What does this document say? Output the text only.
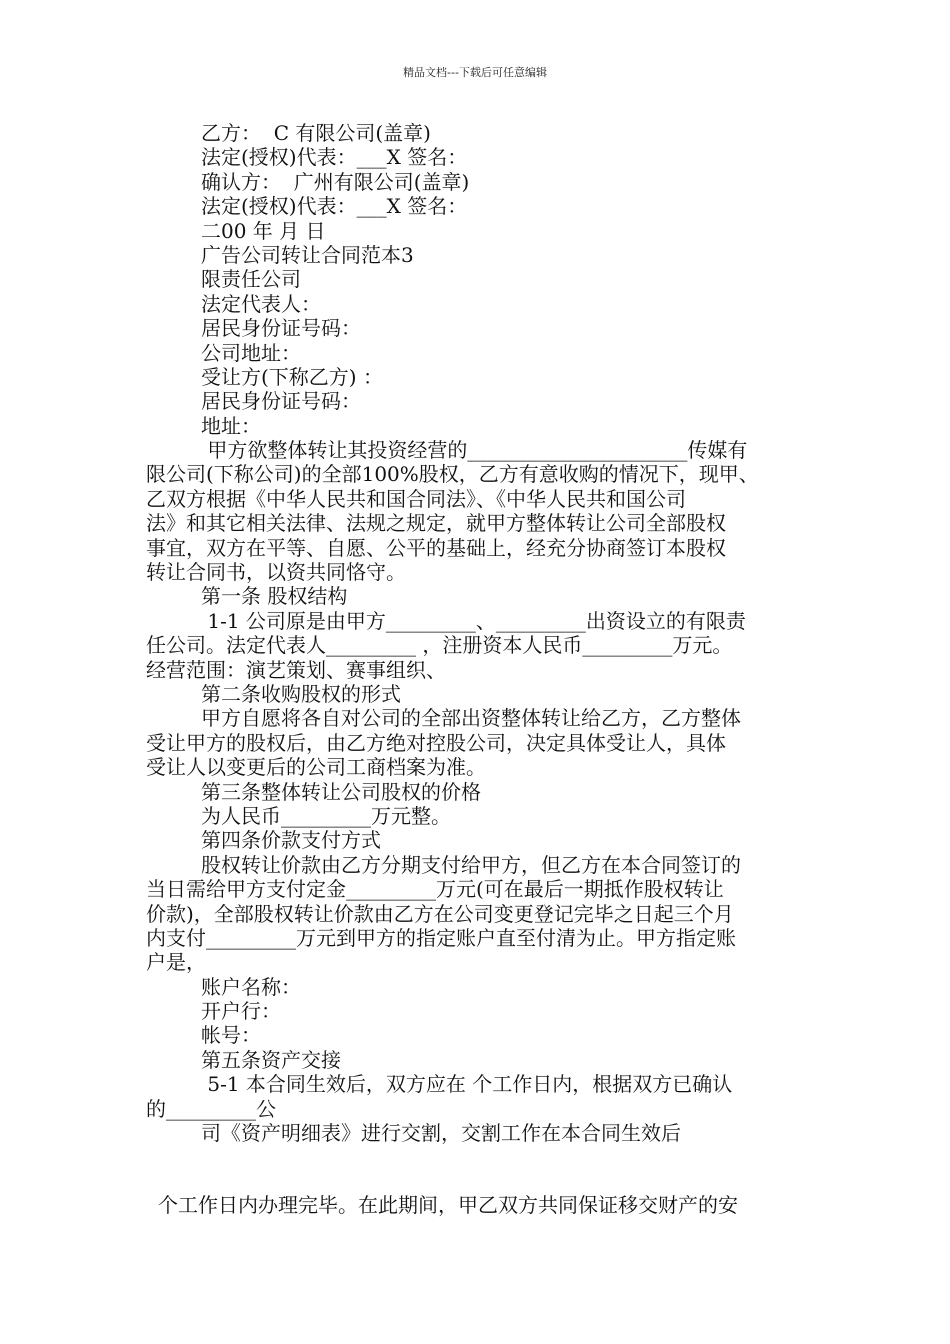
精品文档---下载后可任意编辑
乙方：  C 有限公司(盖章)
法定(授权)代表：___X 签名：
确认方：  广州有限公司(盖章)
法定(授权)代表：___X 签名：
二00 年 月 日
广告公司转让合同范本3
限责任公司
法定代表人：
居民身份证号码：
公司地址：
受让方(下称乙方) ：
居民身份证号码：
地址：
甲方欲整体转让其投资经营的______________________传媒有
限公司(下称公司)的全部100%股权，乙方有意收购的情况下，现甲、
乙双方根据《中华人民共和国合同法》、《中华人民共和国公司
法》和其它相关法律、法规之规定，就甲方整体转让公司全部股权
事宜，双方在平等、自愿、公平的基础上，经充分协商签订本股权
转让合同书，以资共同恪守。
第一条 股权结构
1-1 公司原是由甲方_________、_________出资设立的有限责
任公司。法定代表人_________ ，注册资本人民币_________万元。
经营范围：演艺策划、赛事组织、
第二条收购股权的形式
甲方自愿将各自对公司的全部出资整体转让给乙方，乙方整体
受让甲方的股权后，由乙方绝对控股公司，决定具体受让人，具体
受让人以变更后的公司工商档案为准。
第三条整体转让公司股权的价格
为人民币_________万元整。
第四条价款支付方式
股权转让价款由乙方分期支付给甲方，但乙方在本合同签订的
当日需给甲方支付定金_________万元(可在最后一期抵作股权转让
价款)，全部股权转让价款由乙方在公司变更登记完毕之日起三个月
内支付_________万元到甲方的指定账户直至付清为止。甲方指定账
户是，
账户名称：
开户行：
帐号：
第五条资产交接
5-1 本合同生效后，双方应在 个工作日内，根据双方已确认
的_________公
司《资产明细表》进行交割，交割工作在本合同生效后
个工作日内办理完毕。在此期间，甲乙双方共同保证移交财产的安
